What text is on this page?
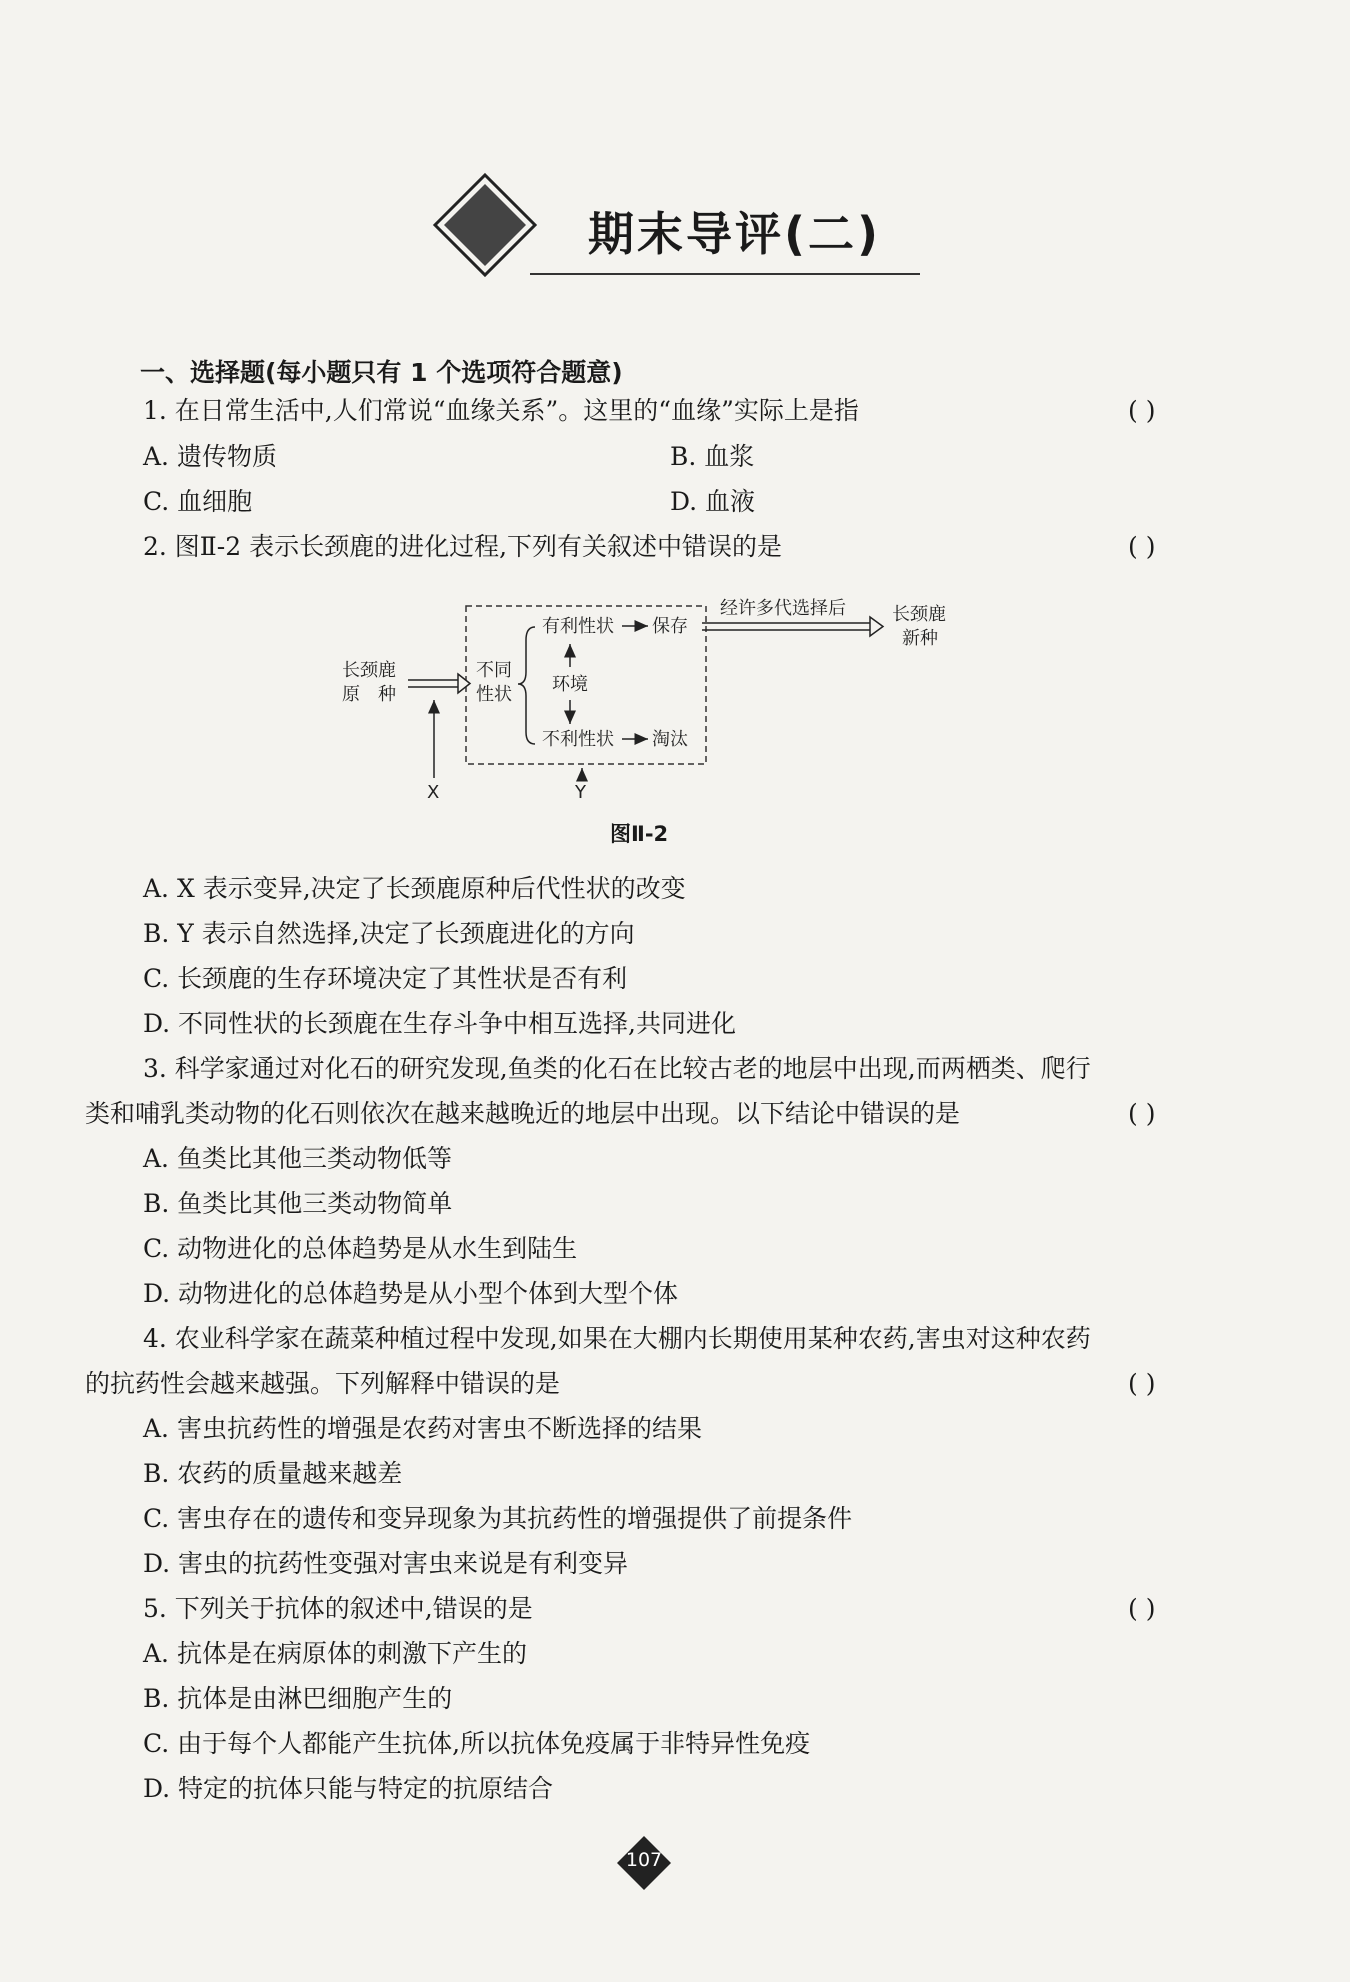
期末导评(二)
一、选择题(每小题只有 1 个选项符合题意)
1. 在日常生活中,人们常说“血缘关系”。这里的“血缘”实际上是指	( )
A. 遗传物质	B. 血浆
C. 血细胞	D. 血液
2. 图Ⅱ-2 表示长颈鹿的进化过程,下列有关叙述中错误的是	( )
长颈鹿
原　种
不同
性状
有利性状 保存
环境
不利性状 淘汰
经许多代选择后	长颈鹿
新种
X	Y
图Ⅱ-2
A. X 表示变异,决定了长颈鹿原种后代性状的改变
B. Y 表示自然选择,决定了长颈鹿进化的方向
C. 长颈鹿的生存环境决定了其性状是否有利
D. 不同性状的长颈鹿在生存斗争中相互选择,共同进化
3. 科学家通过对化石的研究发现,鱼类的化石在比较古老的地层中出现,而两栖类、爬行
类和哺乳类动物的化石则依次在越来越晚近的地层中出现。以下结论中错误的是	( )
A. 鱼类比其他三类动物低等
B. 鱼类比其他三类动物简单
C. 动物进化的总体趋势是从水生到陆生
D. 动物进化的总体趋势是从小型个体到大型个体
4. 农业科学家在蔬菜种植过程中发现,如果在大棚内长期使用某种农药,害虫对这种农药
的抗药性会越来越强。下列解释中错误的是	( )
A. 害虫抗药性的增强是农药对害虫不断选择的结果
B. 农药的质量越来越差
C. 害虫存在的遗传和变异现象为其抗药性的增强提供了前提条件
D. 害虫的抗药性变强对害虫来说是有利变异
5. 下列关于抗体的叙述中,错误的是	( )
A. 抗体是在病原体的刺激下产生的
B. 抗体是由淋巴细胞产生的
C. 由于每个人都能产生抗体,所以抗体免疫属于非特异性免疫
D. 特定的抗体只能与特定的抗原结合
107
